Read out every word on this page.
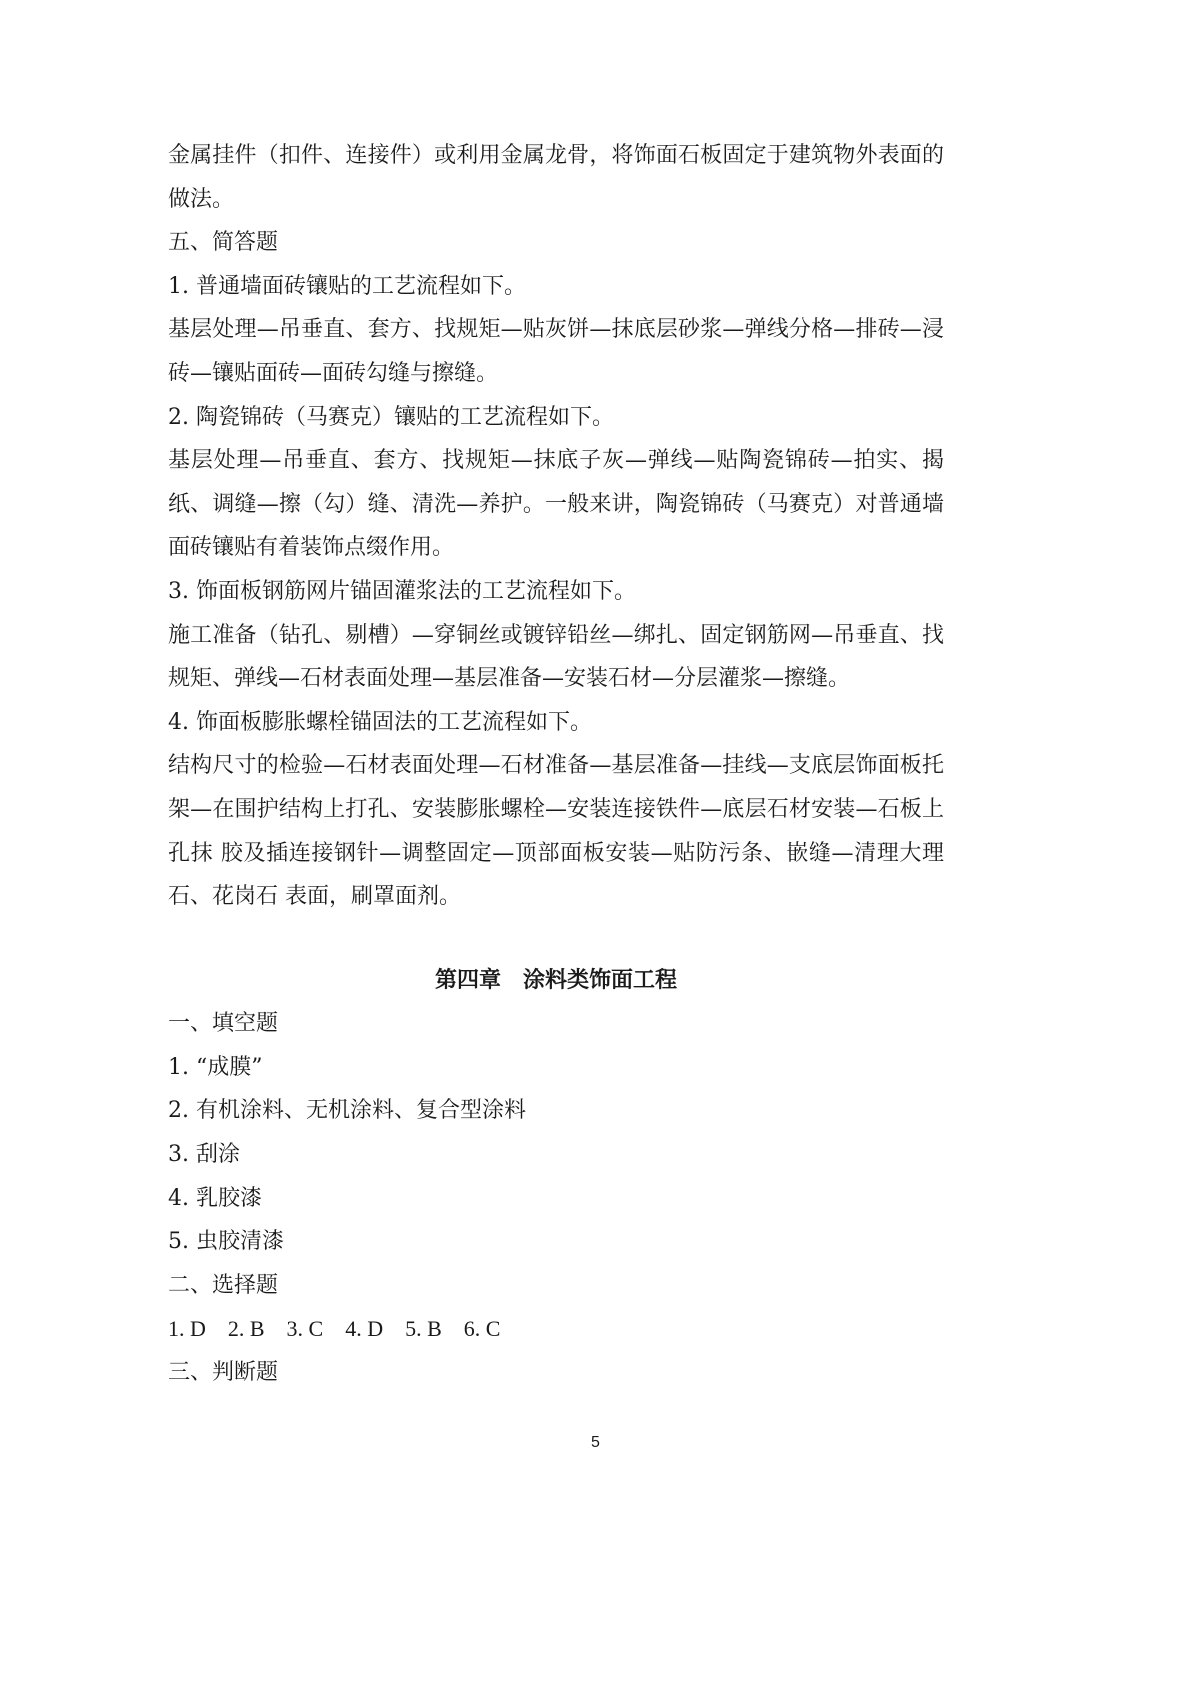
金属挂件（扣件、连接件）或利用金属龙骨，将饰面石板固定于建筑物外表面的做法。

五、简答题

1. 普通墙面砖镶贴的工艺流程如下。

基层处理—吊垂直、套方、找规矩—贴灰饼—抹底层砂浆—弹线分格—排砖—浸砖—镶贴面砖—面砖勾缝与擦缝。

2. 陶瓷锦砖（马赛克）镶贴的工艺流程如下。

基层处理—吊垂直、套方、找规矩—抹底子灰—弹线—贴陶瓷锦砖—拍实、揭纸、调缝—擦（勾）缝、清洗—养护。一般来讲，陶瓷锦砖（马赛克）对普通墙面砖镶贴有着装饰点缀作用。

3. 饰面板钢筋网片锚固灌浆法的工艺流程如下。

施工准备（钻孔、剔槽）—穿铜丝或镀锌铅丝—绑扎、固定钢筋网—吊垂直、找规矩、弹线—石材表面处理—基层准备—安装石材—分层灌浆—擦缝。

4. 饰面板膨胀螺栓锚固法的工艺流程如下。

结构尺寸的检验—石材表面处理—石材准备—基层准备—挂线—支底层饰面板托 架—在围护结构上打孔、安装膨胀螺栓—安装连接铁件—底层石材安装—石板上孔抹 胶及插连接钢针—调整固定—顶部面板安装—贴防污条、嵌缝—清理大理石、花岗石 表面，刷罩面剂。

第四章　涂料类饰面工程

一、填空题

1. “成膜”

2. 有机涂料、无机涂料、复合型涂料

3. 刮涂

4. 乳胶漆

5. 虫胶清漆

二、选择题

1. D　2. B　3. C　4. D　5. B　6. C

三、判断题

5
